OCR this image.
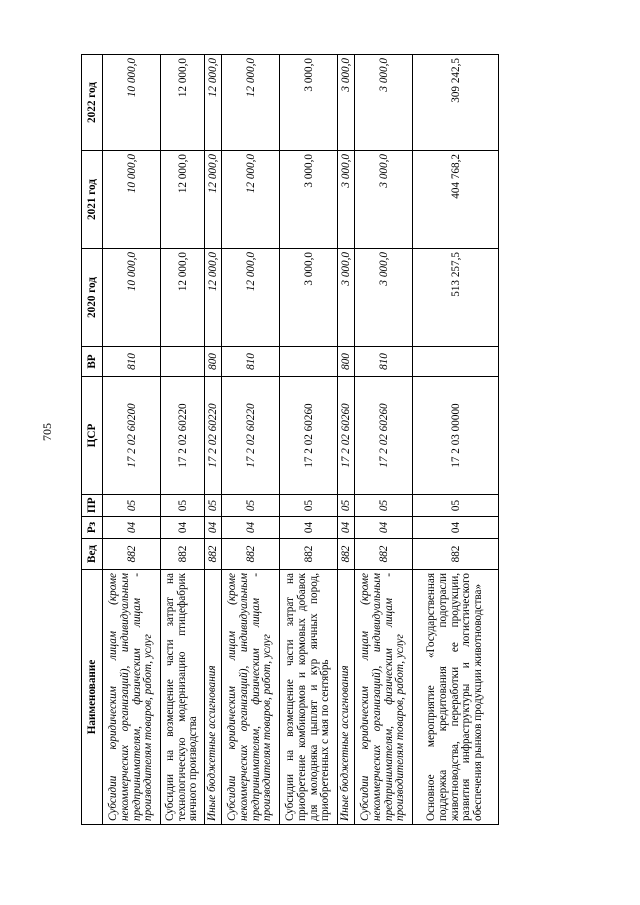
705
Наименование	Вед	Рз	ПР	ЦСР	ВР	2020 год	2021 год	2022 год
Субсидии юридическим лицам (кроме некоммерческих организаций), индивидуальным предпринимателям, физическим лицам - производителям товаров, работ, услуг	882	04	05	17 2 02 60200	810	10 000,0	10 000,0	10 000,0
Субсидии на возмещение части затрат на технологическую модернизацию птицефабрик яичного производства	882	04	05	17 2 02 60220		12 000,0	12 000,0	12 000,0
Иные бюджетные ассигнования	882	04	05	17 2 02 60220	800	12 000,0	12 000,0	12 000,0
Субсидии юридическим лицам (кроме некоммерческих организаций), индивидуальным предпринимателям, физическим лицам - производителям товаров, работ, услуг	882	04	05	17 2 02 60220	810	12 000,0	12 000,0	12 000,0
Субсидии на возмещение части затрат на приобретение комбикормов и кормовых добавок для молодняка цыплят и кур яичных пород, приобретенных с мая по сентябрь	882	04	05	17 2 02 60260		3 000,0	3 000,0	3 000,0
Иные бюджетные ассигнования	882	04	05	17 2 02 60260	800	3 000,0	3 000,0	3 000,0
Субсидии юридическим лицам (кроме некоммерческих организаций), индивидуальным предпринимателям, физическим лицам - производителям товаров, работ, услуг	882	04	05	17 2 02 60260	810	3 000,0	3 000,0	3 000,0
Основное мероприятие «Государственная поддержка кредитования подотрасли животноводства, переработки ее продукции, развития инфраструктуры и логистического обеспечения рынков продукции животноводства»	882	04	05	17 2 03 00000		513 257,5	404 768,2	309 242,5
